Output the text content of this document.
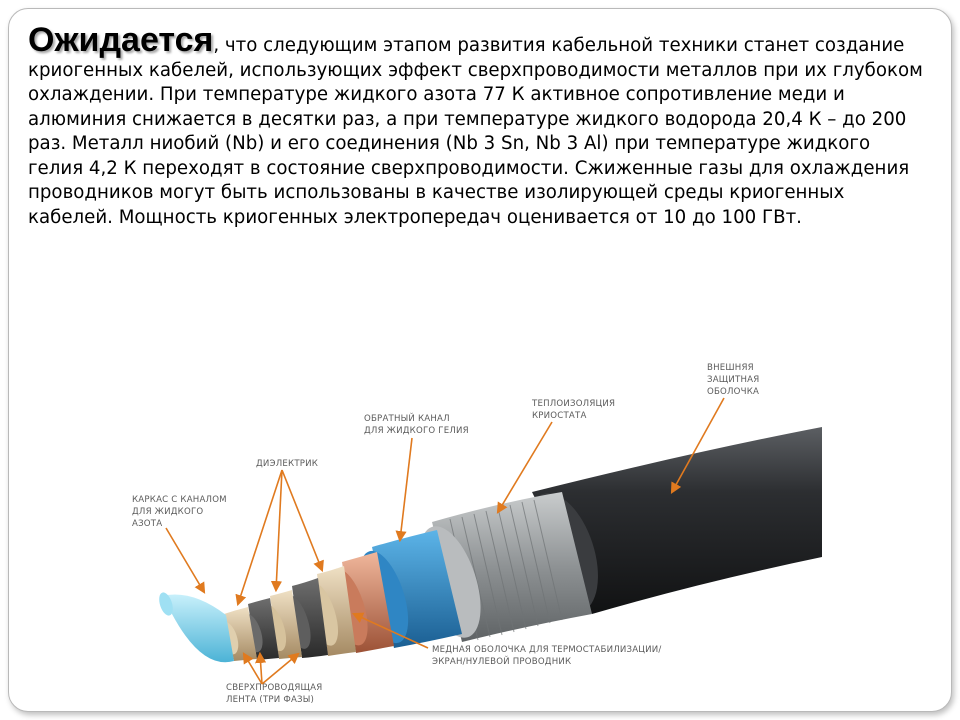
Ожидается, что следующим этапом развития кабельной техники станет создание криогенных кабелей, использующих эффект сверхпроводимости металлов при их глубоком охлаждении. При температуре жидкого азота 77 К активное сопротивление меди и алюминия снижается в десятки раз, а при температуре жидкого водорода 20,4 К – до 200 раз. Металл ниобий (Nb) и его соединения (Nb 3 Sn, Nb 3 Al) при температуре жидкого гелия 4,2 К переходят в состояние сверхпроводимости. Сжиженные газы для охлаждения проводников могут быть использованы в качестве изолирующей среды криогенных кабелей. Мощность криогенных электропередач оценивается от 10 до 100 ГВт.
ВНЕШНЯЯ
ЗАЩИТНАЯ
ОБОЛОЧКА
ТЕПЛОИЗОЛЯЦИЯ
КРИОСТАТА
ОБРАТНЫЙ КАНАЛ
ДЛЯ ЖИДКОГО ГЕЛИЯ
ДИЭЛЕКТРИК
КАРКАС С КАНАЛОМ
ДЛЯ ЖИДКОГО
АЗОТА
МЕДНАЯ ОБОЛОЧКА ДЛЯ ТЕРМОСТАБИЛИЗАЦИИ/
ЭКРАН/НУЛЕВОЙ ПРОВОДНИК
СВЕРХПРОВОДЯЩАЯ
ЛЕНТА (ТРИ ФАЗЫ)
